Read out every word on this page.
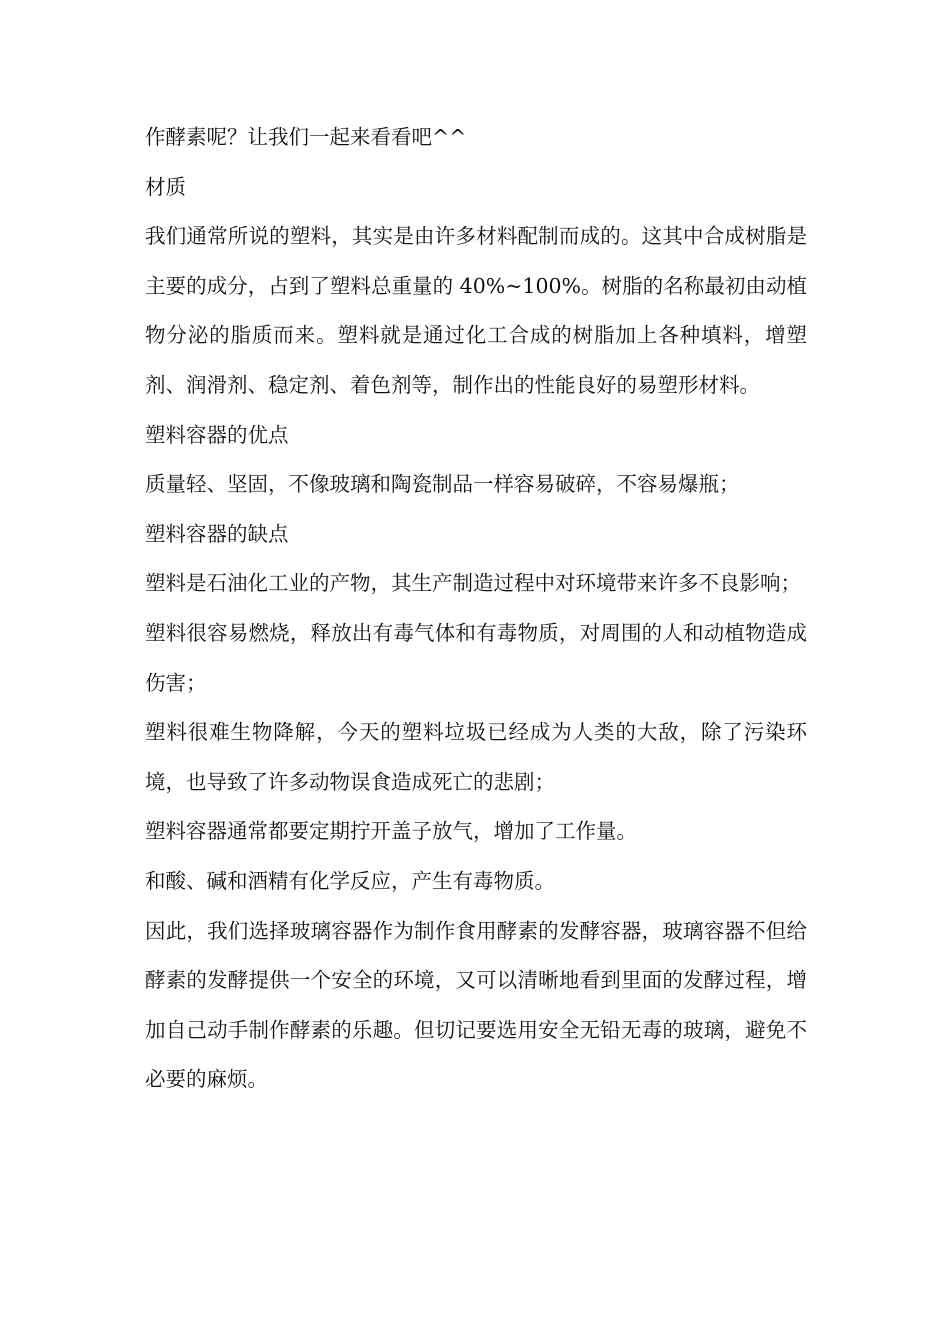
作酵素呢？让我们一起来看看吧^^

材质

我们通常所说的塑料，其实是由许多材料配制而成的。这其中合成树脂是主要的成分，占到了塑料总重量的 40%~100%。树脂的名称最初由动植物分泌的脂质而来。塑料就是通过化工合成的树脂加上各种填料，增塑剂、润滑剂、稳定剂、着色剂等，制作出的性能良好的易塑形材料。

塑料容器的优点

质量轻、坚固，不像玻璃和陶瓷制品一样容易破碎，不容易爆瓶；

塑料容器的缺点

塑料是石油化工业的产物，其生产制造过程中对环境带来许多不良影响；

塑料很容易燃烧，释放出有毒气体和有毒物质，对周围的人和动植物造成伤害；

塑料很难生物降解，今天的塑料垃圾已经成为人类的大敌，除了污染环境，也导致了许多动物误食造成死亡的悲剧；

塑料容器通常都要定期拧开盖子放气，增加了工作量。

和酸、碱和酒精有化学反应，产生有毒物质。

因此，我们选择玻璃容器作为制作食用酵素的发酵容器，玻璃容器不但给酵素的发酵提供一个安全的环境，又可以清晰地看到里面的发酵过程，增加自己动手制作酵素的乐趣。但切记要选用安全无铅无毒的玻璃，避免不必要的麻烦。
